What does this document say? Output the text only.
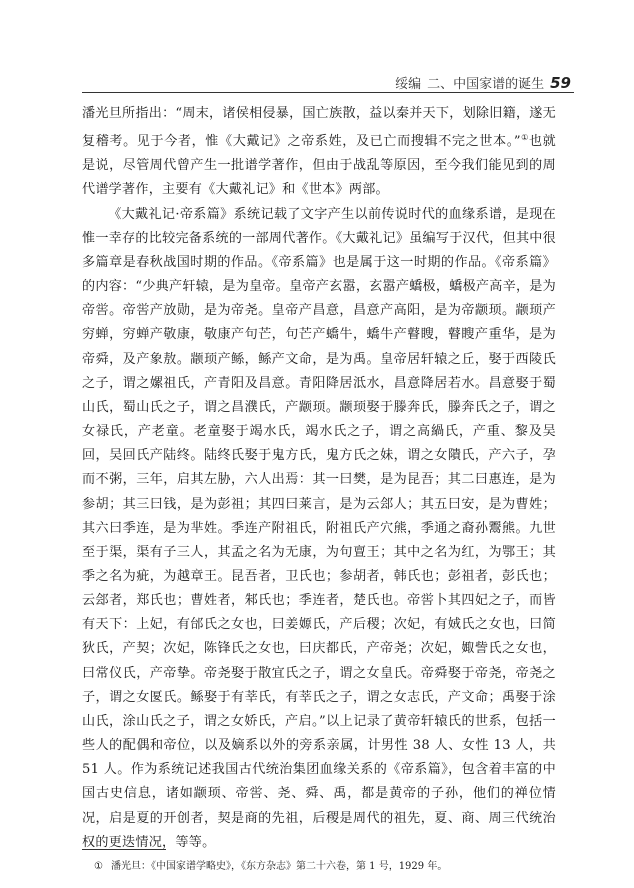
绥编 二、中国家谱的诞生 59

潘光旦所指出：“周末，诸侯相侵暴，国亡族散，益以秦并天下，划除旧籍，遂无复稽考。见于今者，惟《大戴记》之帝系姓，及已亡而搜辑不完之世本。”①也就是说，尽管周代曾产生一批谱学著作，但由于战乱等原因，至今我们能见到的周代谱学著作，主要有《大戴礼记》和《世本》两部。

《大戴礼记·帝系篇》系统记载了文字产生以前传说时代的血缘系谱，是现在惟一幸存的比较完备系统的一部周代著作。《大戴礼记》虽编写于汉代，但其中很多篇章是春秋战国时期的作品。《帝系篇》也是属于这一时期的作品。《帝系篇》的内容：“少典产轩辕，是为皇帝。皇帝产玄嚣，玄嚣产蟜极，蟜极产高辛，是为帝喾。帝喾产放勋，是为帝尧。皇帝产昌意，昌意产高阳，是为帝颛顼。颛顼产穷蝉，穷蝉产敬康，敬康产句芒，句芒产蟜牛，蟜牛产瞽瞍，瞽瞍产重华，是为帝舜，及产象敖。颛顼产鲧，鲧产文命，是为禹。皇帝居轩辕之丘，娶于西陵氏之子，谓之嫘祖氏，产青阳及昌意。青阳降居泜水，昌意降居若水。昌意娶于蜀山氏，蜀山氏之子，谓之昌濮氏，产颛顼。颛顼娶于滕奔氏，滕奔氏之子，谓之女禄氏，产老童。老童娶于竭水氏，竭水氏之子，谓之高緺氏，产重、黎及吴回，吴回氏产陆终。陆终氏娶于鬼方氏，鬼方氏之妹，谓之女隤氏，产六子，孕而不粥，三年，启其左胁，六人出焉：其一曰樊，是为昆吾；其二曰惠连，是为参胡；其三曰钱，是为彭祖；其四曰莱言，是为云郐人；其五曰安，是为曹姓；其六曰季连，是为芈姓。季连产附祖氏，附祖氏产穴熊，季通之裔孙鬻熊。九世至于渠，渠有子三人，其孟之名为无康，为句亶王；其中之名为红，为鄂王；其季之名为疵，为越章王。昆吾者，卫氏也；参胡者，韩氏也；彭祖者，彭氏也；云郐者，郑氏也；曹姓者，邾氏也；季连者，楚氏也。帝喾卜其四妃之子，而皆有天下：上妃，有邰氏之女也，曰姜嫄氏，产后稷；次妃，有娀氏之女也，曰简狄氏，产契；次妃，陈锋氏之女也，曰庆都氏，产帝尧；次妃，娵訾氏之女也，曰常仪氏，产帝挚。帝尧娶于散宜氏之子，谓之女皇氏。帝舜娶于帝尧，帝尧之子，谓之女匽氏。鲧娶于有莘氏，有莘氏之子，谓之女志氏，产文命；禹娶于涂山氏，涂山氏之子，谓之女娇氏，产启。”以上记录了黄帝轩辕氏的世系，包括一些人的配偶和帝位，以及嫡系以外的旁系亲属，计男性 38 人、女性 13 人，共 51 人。作为系统记述我国古代统治集团血缘关系的《帝系篇》，包含着丰富的中国古史信息，诸如颛顼、帝喾、尧、舜、禹，都是黄帝的子孙，他们的禅位情况，启是夏的开创者，契是商的先祖，后稷是周代的祖先，夏、商、周三代统治权的更迭情况，等等。

① 潘光旦：《中国家谱学略史》，《东方杂志》第二十六卷，第 1 号，1929 年。
